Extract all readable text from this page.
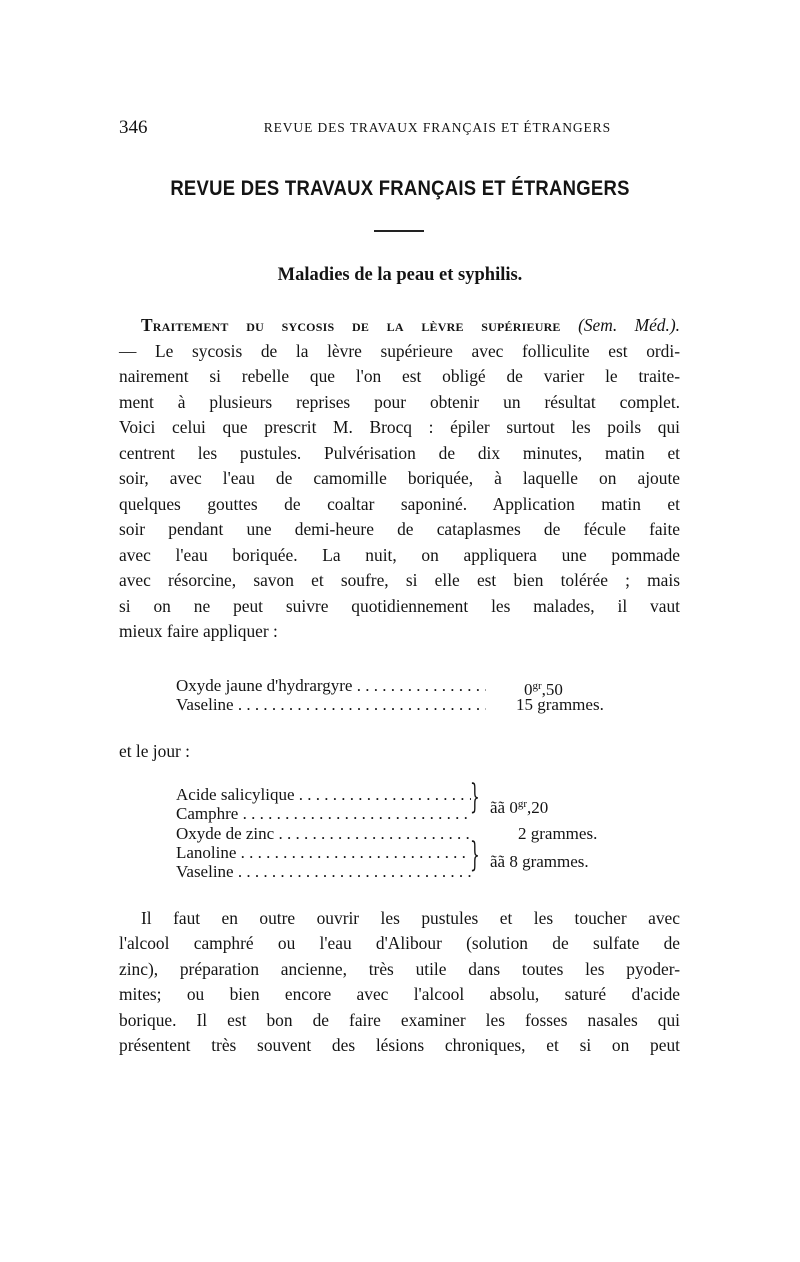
346	REVUE DES TRAVAUX FRANÇAIS ET ÉTRANGERS
REVUE DES TRAVAUX FRANÇAIS ET ÉTRANGERS
Maladies de la peau et syphilis.
Traitement du sycosis de la lèvre supérieure (Sem. Méd.).
— Le sycosis de la lèvre supérieure avec folliculite est ordi-
nairement si rebelle que l'on est obligé de varier le traite-
ment à plusieurs reprises pour obtenir un résultat complet.
Voici celui que prescrit M. Brocq : épiler surtout les poils qui
centrent les pustules. Pulvérisation de dix minutes, matin et
soir, avec l'eau de camomille boriquée, à laquelle on ajoute
quelques gouttes de coaltar saponiné. Application matin et
soir pendant une demi-heure de cataplasmes de fécule faite
avec l'eau boriquée. La nuit, on appliquera une pommade
avec résorcine, savon et soufre, si elle est bien tolérée ; mais
si on ne peut suivre quotidiennement les malades, il vaut
mieux faire appliquer :
Oxyde jaune d'hydrargyre . . .	$0^{gr},50$
Vaseline . . .	15 grammes.
et le jour :
Acide salicylique . . .
Camphre . . .	} ãã $0^{gr},20$
Oxyde de zinc . . .	2 grammes.
Lanoline . . .
Vaseline . . .	} ãã 8 grammes.
Il faut en outre ouvrir les pustules et les toucher avec
l'alcool camphré ou l'eau d'Alibour (solution de sulfate de
zinc), préparation ancienne, très utile dans toutes les pyoder-
mites; ou bien encore avec l'alcool absolu, saturé d'acide
borique. Il est bon de faire examiner les fosses nasales qui
présentent très souvent des lésions chroniques, et si on peut
